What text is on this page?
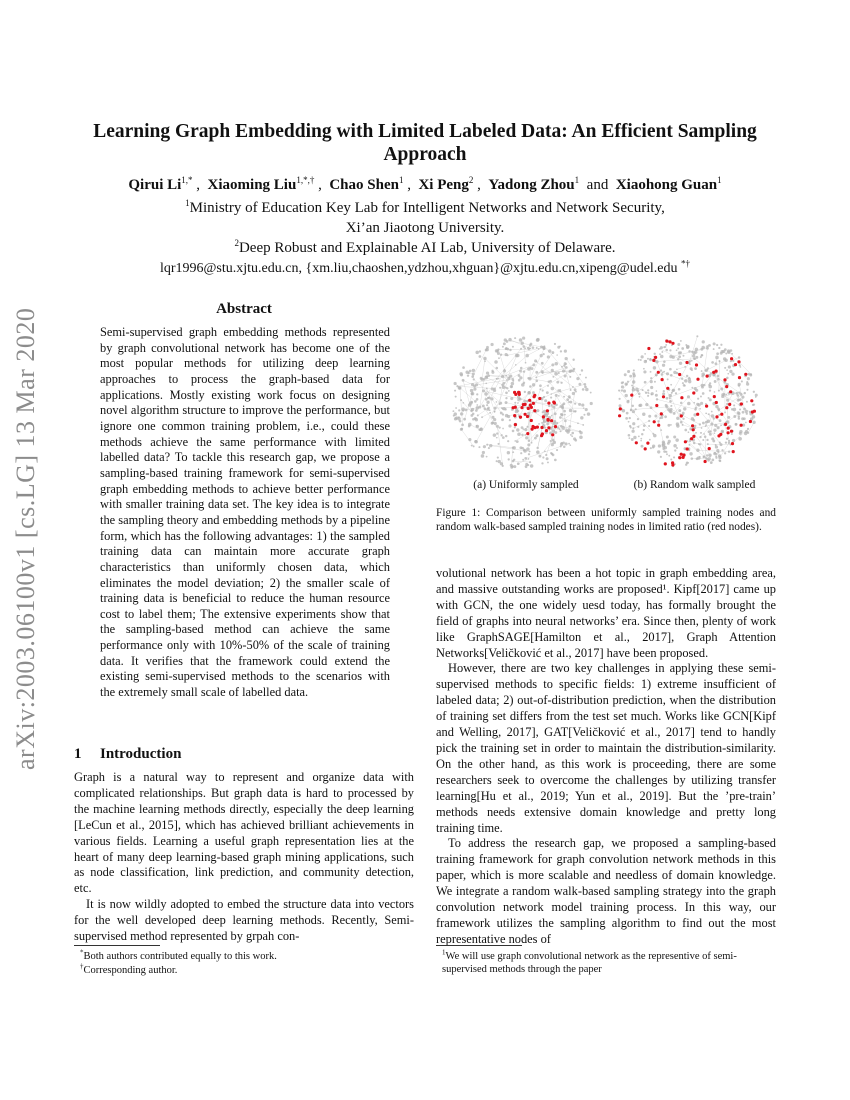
arXiv:2003.06100v1 [cs.LG] 13 Mar 2020
Learning Graph Embedding with Limited Labeled Data: An Efficient Sampling Approach
Qirui $Li^{1,*}$ ,  Xiaoming Liu$^{1,*,\dagger}$ ,  Chao Shen$^1$ ,  Xi Peng$^2$ ,  Yadong Zhou$^1$ and Xiaohong Guan$^1$
$^1$Ministry of Education Key Lab for Intelligent Networks and Network Security,
Xi’an Jiaotong University.
$^2$Deep Robust and Explainable AI Lab, University of Delaware.
lqr1996@stu.xjtu.edu.cn, {xm.liu,chaoshen,ydzhou,xhguan}@xjtu.edu.cn,xipeng@udel.edu *†
Abstract

Semi-supervised graph embedding methods represented by graph convolutional network has become one of the most popular methods for utilizing deep learning approaches to process the graph-based data for applications. Mostly existing work focus on designing novel algorithm structure to improve the performance, but ignore one common training problem, i.e., could these methods achieve the same performance with limited labelled data? To tackle this research gap, we propose a sampling-based training framework for semi-supervised graph embedding methods to achieve better performance with smaller training data set. The key idea is to integrate the sampling theory and embedding methods by a pipeline form, which has the following advantages: 1) the sampled training data can maintain more accurate graph characteristics than uniformly chosen data, which eliminates the model deviation; 2) the smaller scale of training data is beneficial to reduce the human resource cost to label them; The extensive experiments show that the sampling-based method can achieve the same performance only with 10%-50% of the scale of training data. It verifies that the framework could extend the existing semi-supervised methods to the scenarios with the extremely small scale of labelled data.

1 Introduction

Graph is a natural way to represent and organize data with complicated relationships. But graph data is hard to processed by the machine learning methods directly, especially the deep learning [LeCun et al., 2015], which has achieved brilliant achievements in various fields. Learning a useful graph representation lies at the heart of many deep learning-based graph mining applications, such as node classification, link prediction, and community detection, etc.

It is now wildly adopted to embed the structure data into vectors for the well developed deep learning methods. Recently, Semi-supervised method represented by grpah con-

*Both authors contributed equally to this work.
†Corresponding author.
(a) Uniformly sampled	(b) Random walk sampled
Figure 1: Comparison between uniformly sampled training nodes and random walk-based sampled training nodes in limited ratio (red nodes).

volutional network has been a hot topic in graph embedding area, and massive outstanding works are proposed¹. Kipf[2017] came up with GCN, the one widely uesd today, has formally brought the field of graphs into neural networks’ era. Since then, plenty of work like GraphSAGE[Hamilton et al., 2017], Graph Attention Networks[Veličković et al., 2017] have been proposed.

However, there are two key challenges in applying these semi-supervised methods to specific fields: 1) extreme insufficient of labeled data; 2) out-of-distribution prediction, when the distribution of training set differs from the test set much. Works like GCN[Kipf and Welling, 2017], GAT[Veličković et al., 2017] tend to handly pick the training set in order to maintain the distribution-similarity. On the other hand, as this work is proceeding, there are some researchers seek to overcome the challenges by utilizing transfer learning[Hu et al., 2019; Yun et al., 2019]. But the ’pre-train’ methods needs extensive domain knowledge and pretty long training time.

To address the research gap, we proposed a sampling-based training framework for graph convolution network methods in this paper, which is more scalable and needless of domain knowledge. We integrate a random walk-based sampling strategy into the graph convolution network model training process. In this way, our framework utilizes the sampling algorithm to find out the most representative nodes of

$^1$We will use graph convolutional network as the representive of semi-supervised methods through the paper
